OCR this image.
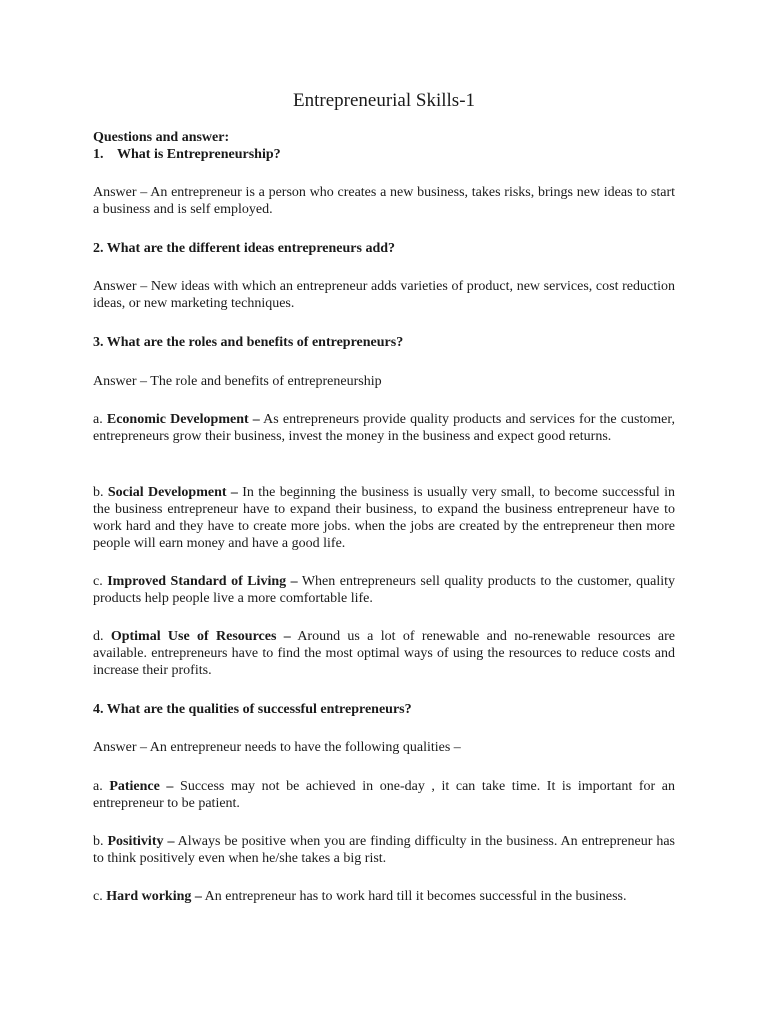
Entrepreneurial Skills-1
Questions and answer:
1. What is Entrepreneurship?

Answer – An entrepreneur is a person who creates a new business, takes risks, brings new ideas to start a business and is self employed.

2. What are the different ideas entrepreneurs add?

Answer – New ideas with which an entrepreneur adds varieties of product, new services, cost reduction ideas, or new marketing techniques.

3. What are the roles and benefits of entrepreneurs?

Answer – The role and benefits of entrepreneurship

a. Economic Development – As entrepreneurs provide quality products and services for the customer, entrepreneurs grow their business, invest the money in the business and expect good returns.

b. Social Development – In the beginning the business is usually very small, to become successful in the business entrepreneur have to expand their business, to expand the business entrepreneur have to work hard and they have to create more jobs. when the jobs are created by the entrepreneur then more people will earn money and have a good life.

c. Improved Standard of Living – When entrepreneurs sell quality products to the customer, quality products help people live a more comfortable life.

d. Optimal Use of Resources – Around us a lot of renewable and no-renewable resources are available. entrepreneurs have to find the most optimal ways of using the resources to reduce costs and increase their profits.

4. What are the qualities of successful entrepreneurs?

Answer – An entrepreneur needs to have the following qualities –

a. Patience – Success may not be achieved in one-day , it can take time. It is important for an entrepreneur to be patient.

b. Positivity – Always be positive when you are finding difficulty in the business. An entrepreneur has to think positively even when he/she takes a big rist.

c. Hard working – An entrepreneur has to work hard till it becomes successful in the business.
